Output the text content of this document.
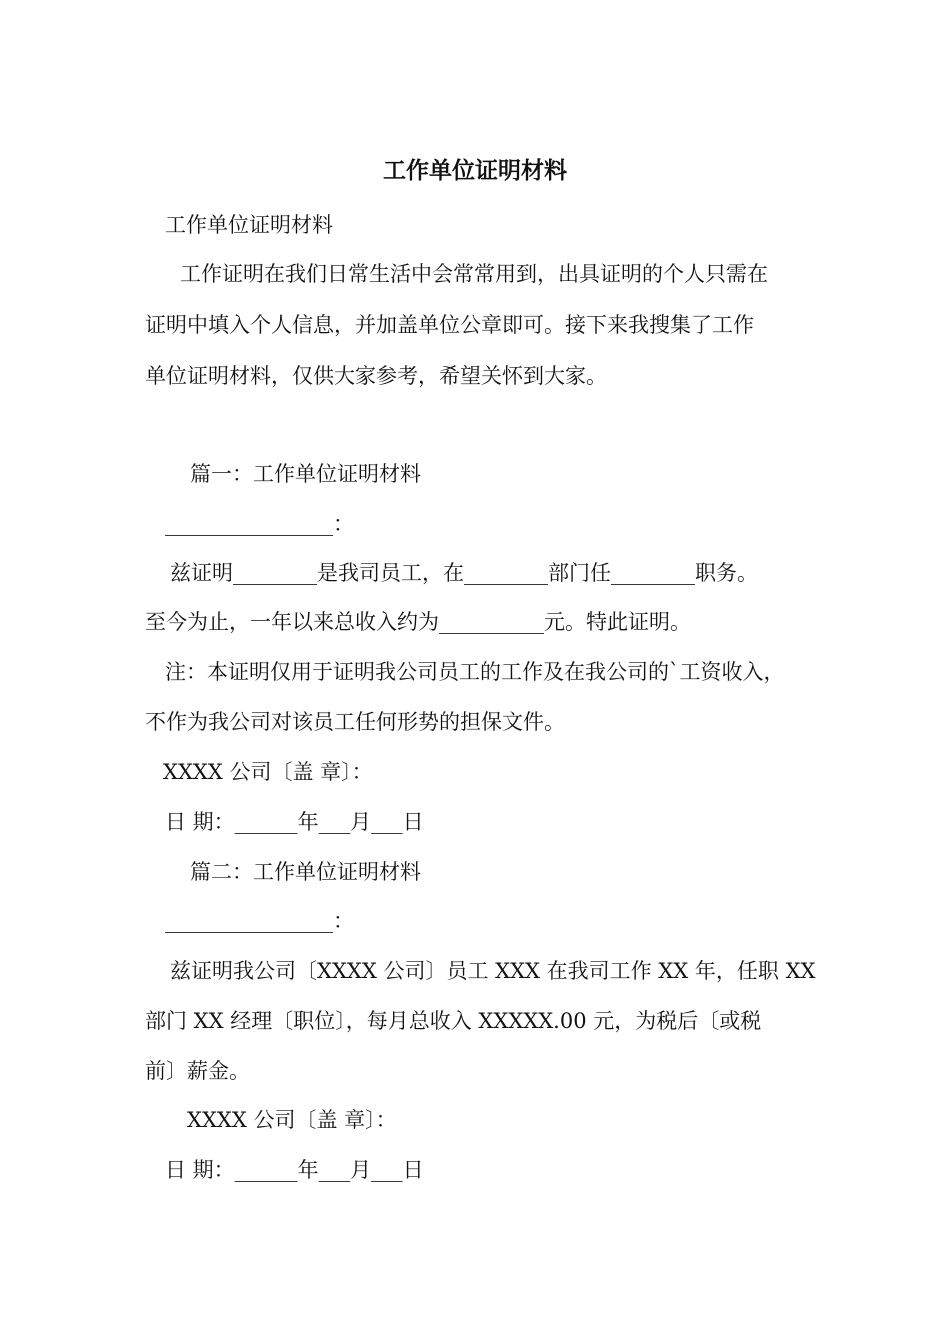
工作单位证明材料
工作单位证明材料
工作证明在我们日常生活中会常常用到，出具证明的个人只需在
证明中填入个人信息，并加盖单位公章即可。接下来我搜集了工作
单位证明材料，仅供大家参考，希望关怀到大家。
篇一：工作单位证明材料
________________：
兹证明________是我司员工，在________部门任________职务。
至今为止，一年以来总收入约为__________元。特此证明。
注：本证明仅用于证明我公司员工的工作及在我公司的`工资收入，
不作为我公司对该员工任何形势的担保文件。
XXXX 公司〔盖 章〕：
日 期：______年___月___日
篇二：工作单位证明材料
________________：
兹证明我公司〔XXXX 公司〕员工 XXX 在我司工作 XX 年，任职 XX
部门 XX 经理〔职位〕，每月总收入 XXXXX.00 元，为税后〔或税
前〕薪金。
XXXX 公司〔盖 章〕：
日 期：______年___月___日
